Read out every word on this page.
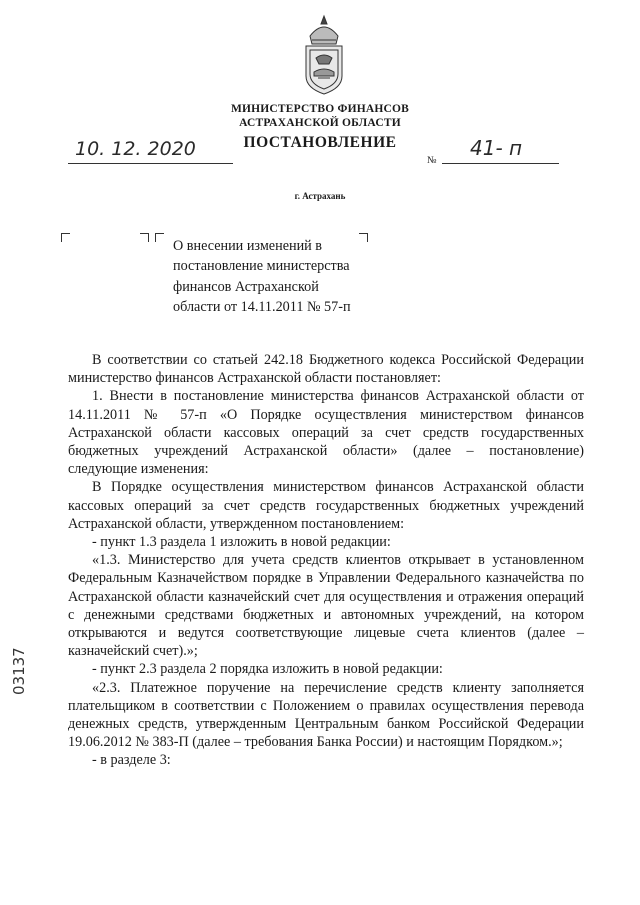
МИНИСТЕРСТВО ФИНАНСОВ
АСТРАХАНСКОЙ ОБЛАСТИ
ПОСТАНОВЛЕНИЕ
10. 12. 2020
№
41- п
г. Астрахань
О внесении изменений в
постановление министерства
финансов Астраханской
области от 14.11.2011 № 57-п

В соответствии со статьей 242.18 Бюджетного кодекса Российской Федерации министерство финансов Астраханской области постановляет:

1. Внести в постановление министерства финансов Астраханской области от 14.11.2011 № 57-п «О Порядке осуществления министерством финансов Астраханской области кассовых операций за счет средств государственных бюджетных учреждений Астраханской области» (далее – постановление) следующие изменения:

В Порядке осуществления министерством финансов Астраханской области кассовых операций за счет средств государственных бюджетных учреждений Астраханской области, утвержденном постановлением:

- пункт 1.3 раздела 1 изложить в новой редакции:

«1.3. Министерство для учета средств клиентов открывает в установленном Федеральным Казначейством порядке в Управлении Федерального казначейства по Астраханской области казначейский счет для осуществления и отражения операций с денежными средствами бюджетных и автономных учреждений, на котором открываются и ведутся соответствующие лицевые счета клиентов (далее – казначейский счет).»;

- пункт 2.3 раздела 2 порядка изложить в новой редакции:

«2.3. Платежное поручение на перечисление средств клиенту заполняется плательщиком в соответствии с Положением о правилах осуществления перевода денежных средств, утвержденным Центральным банком Российской Федерации 19.06.2012 № 383-П (далее – требования Банка России) и настоящим Порядком.»;

- в разделе 3:

03137
